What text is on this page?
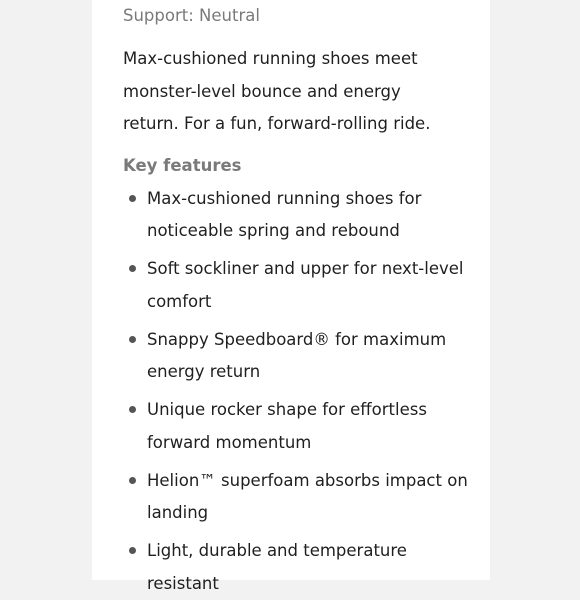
Support: Neutral

Max-cushioned running shoes meet monster-level bounce and energy return. For a fun, forward-rolling ride.

Key features
Max-cushioned running shoes for noticeable spring and rebound
Soft sockliner and upper for next-level comfort
Snappy Speedboard® for maximum energy return
Unique rocker shape for effortless forward momentum
Helion™ superfoam absorbs impact on landing
Light, durable and temperature resistant
